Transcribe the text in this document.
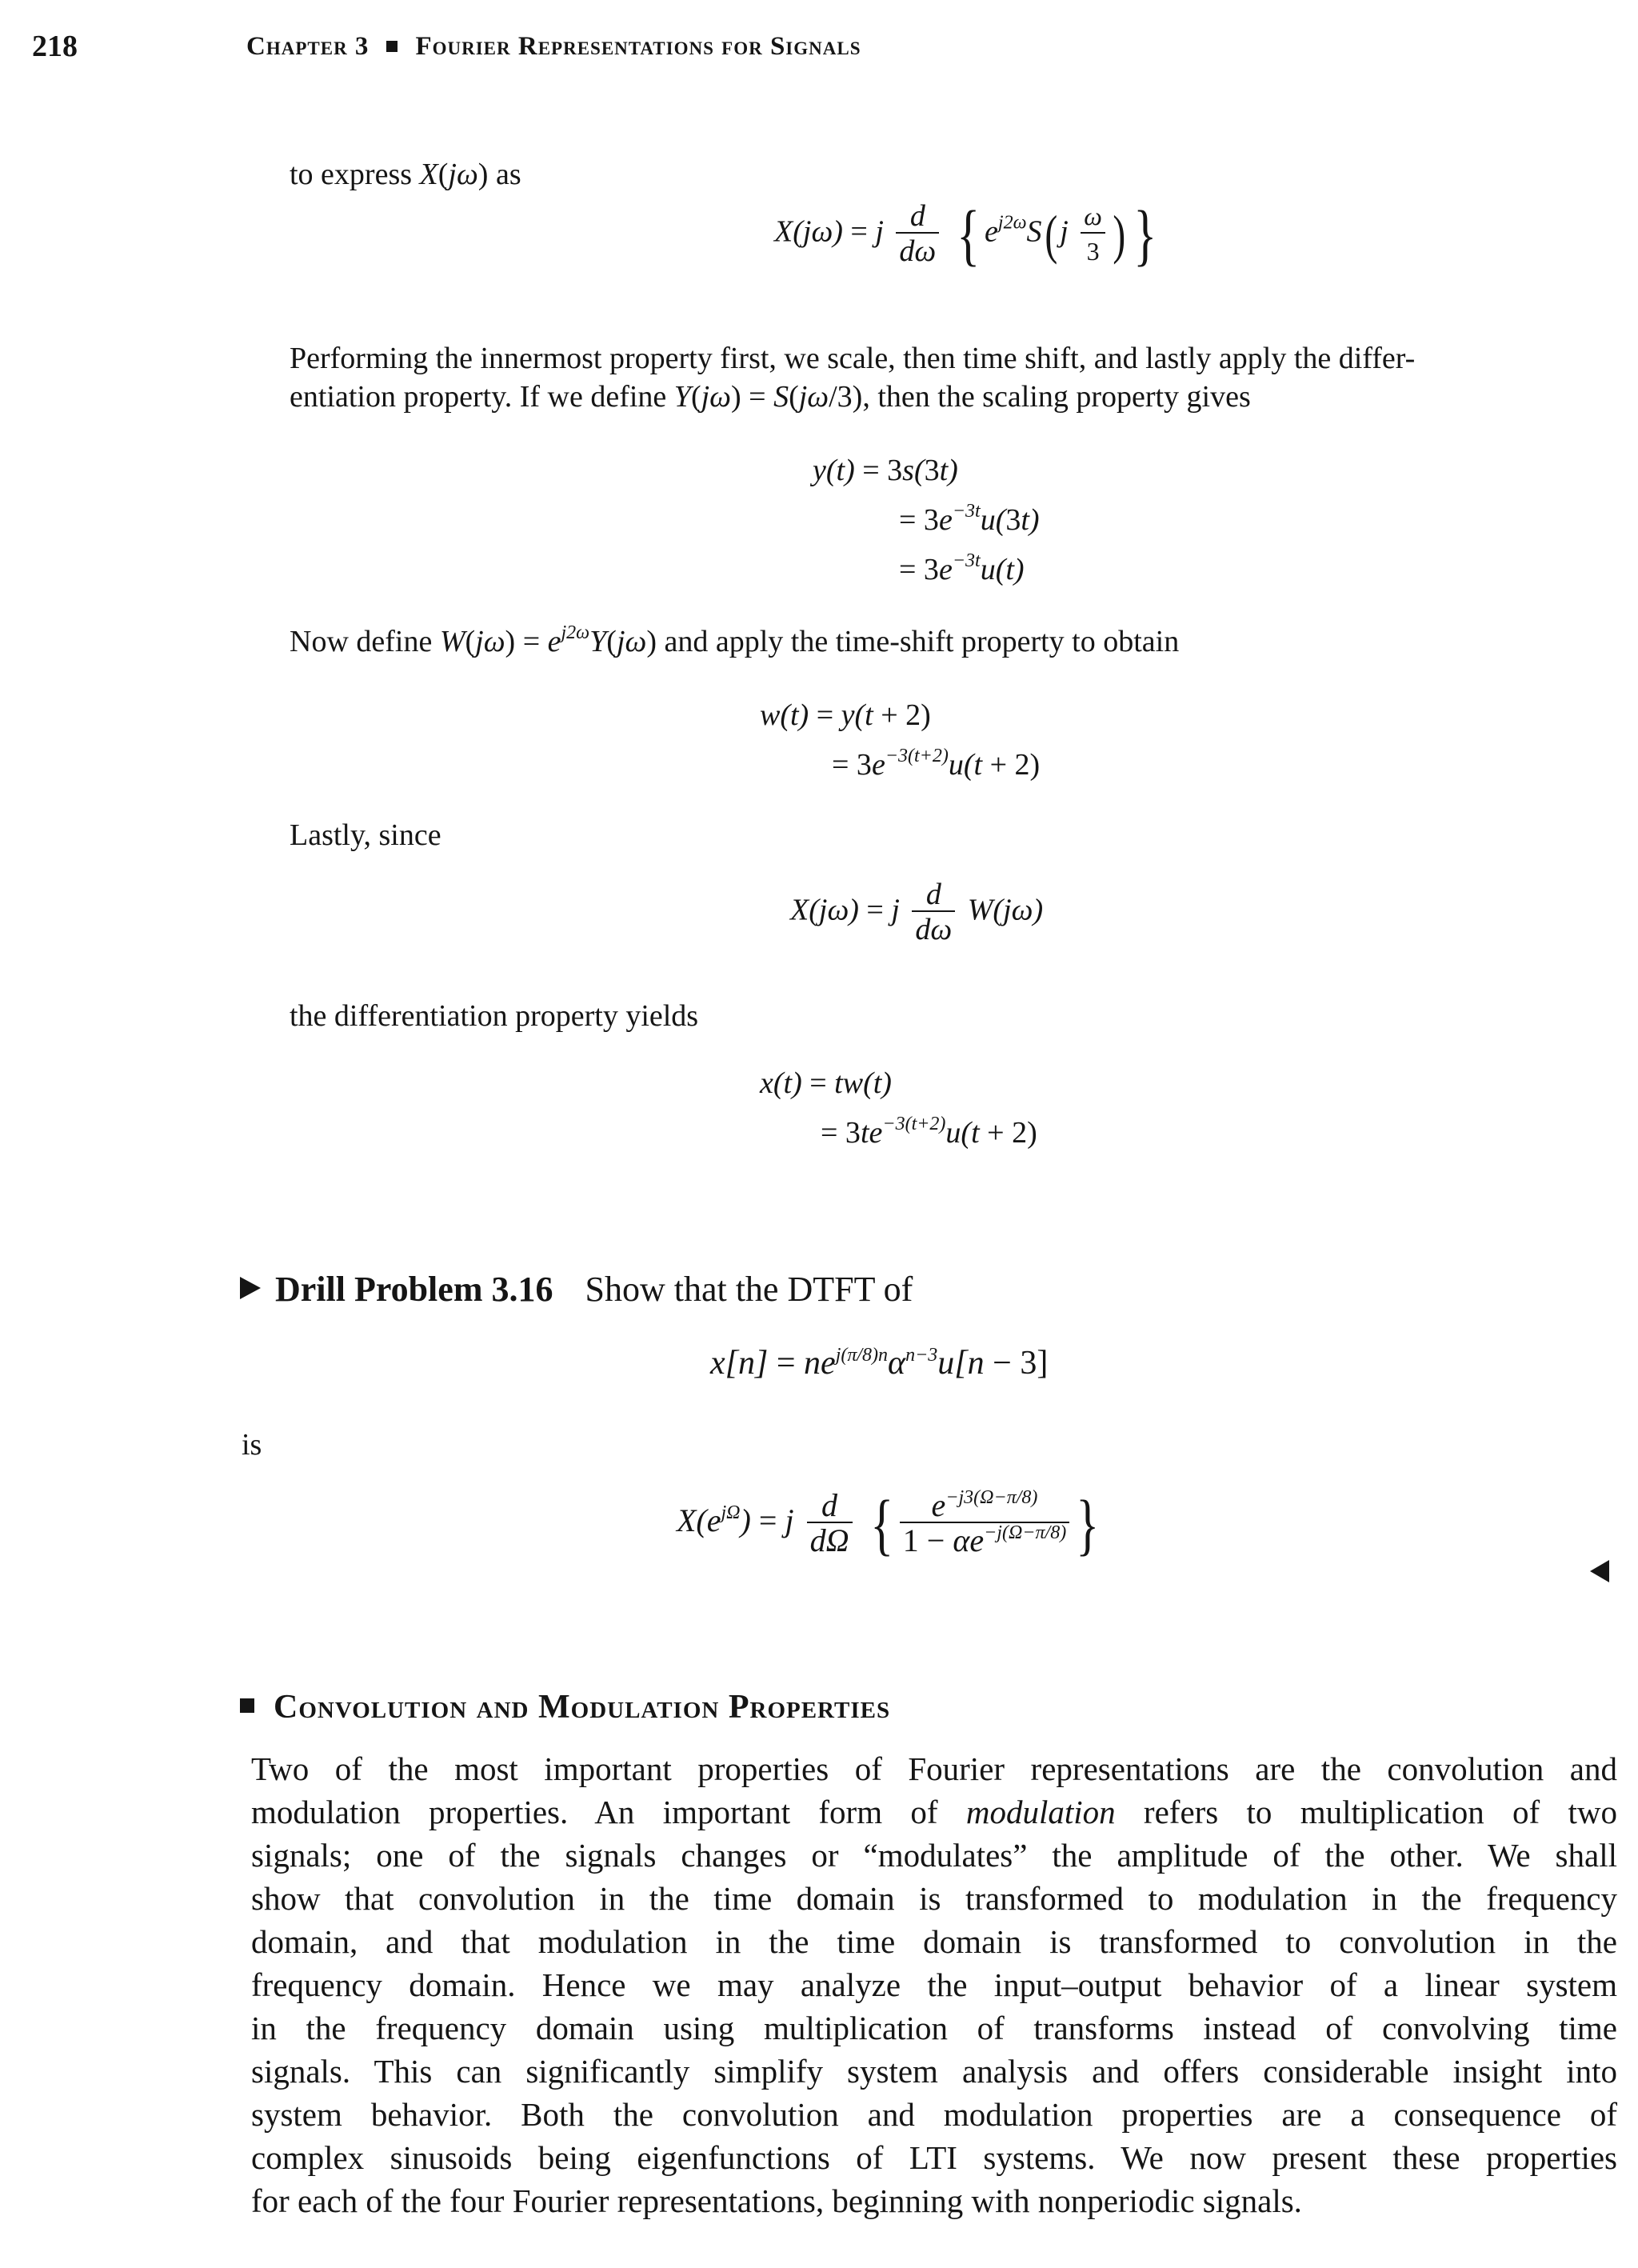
218	Chapter 3 Fourier Representations for Signals
to express X(jω) as
X(jω) = j $\frac{d}{d\omega}$ { $e^{j2\omega}S(j \frac{\omega}{3}$ ) }
Performing the innermost property first, we scale, then time shift, and lastly apply the differ-
entiation property. If we define Y(jω) = S(jω/3), then the scaling property gives
y(t) = 3s(3t)
= $3e^{-3t}u(3t)$
= $3e^{-3t}u(t)$
Now define $W(j\omega) = e^{j2\omega}Y(j\omega)$ and apply the time-shift property to obtain
w(t) = y(t + 2)
= $3e^{-3(t+2)}u(t + 2)$
Lastly, since
X(jω) = j $\frac{d}{d\omega} W(j\omega)$
the differentiation property yields
x(t) = tw(t)
= $3te^{-3(t+2)}u(t + 2)$
Drill Problem 3.16 Show that the DTFT of
$x[n] = ne^{j(\pi/8)n}\alpha^{n-3}u[n - 3]$
is
$X(e^{j\Omega}) = j \frac{d}{d\Omega}$ { $\frac{e^{-j3(\Omega-\pi/8)}}{1 - \alpha e^{-j(\Omega-\pi/8)}}$ }
Convolution and Modulation Properties
Two of the most important properties of Fourier representations are the convolution and
modulation properties. An important form of modulation refers to multiplication of two
signals; one of the signals changes or “modulates” the amplitude of the other. We shall
show that convolution in the time domain is transformed to modulation in the frequency
domain, and that modulation in the time domain is transformed to convolution in the
frequency domain. Hence we may analyze the input–output behavior of a linear system
in the frequency domain using multiplication of transforms instead of convolving time
signals. This can significantly simplify system analysis and offers considerable insight into
system behavior. Both the convolution and modulation properties are a consequence of
complex sinusoids being eigenfunctions of LTI systems. We now present these properties
for each of the four Fourier representations, beginning with nonperiodic signals.
